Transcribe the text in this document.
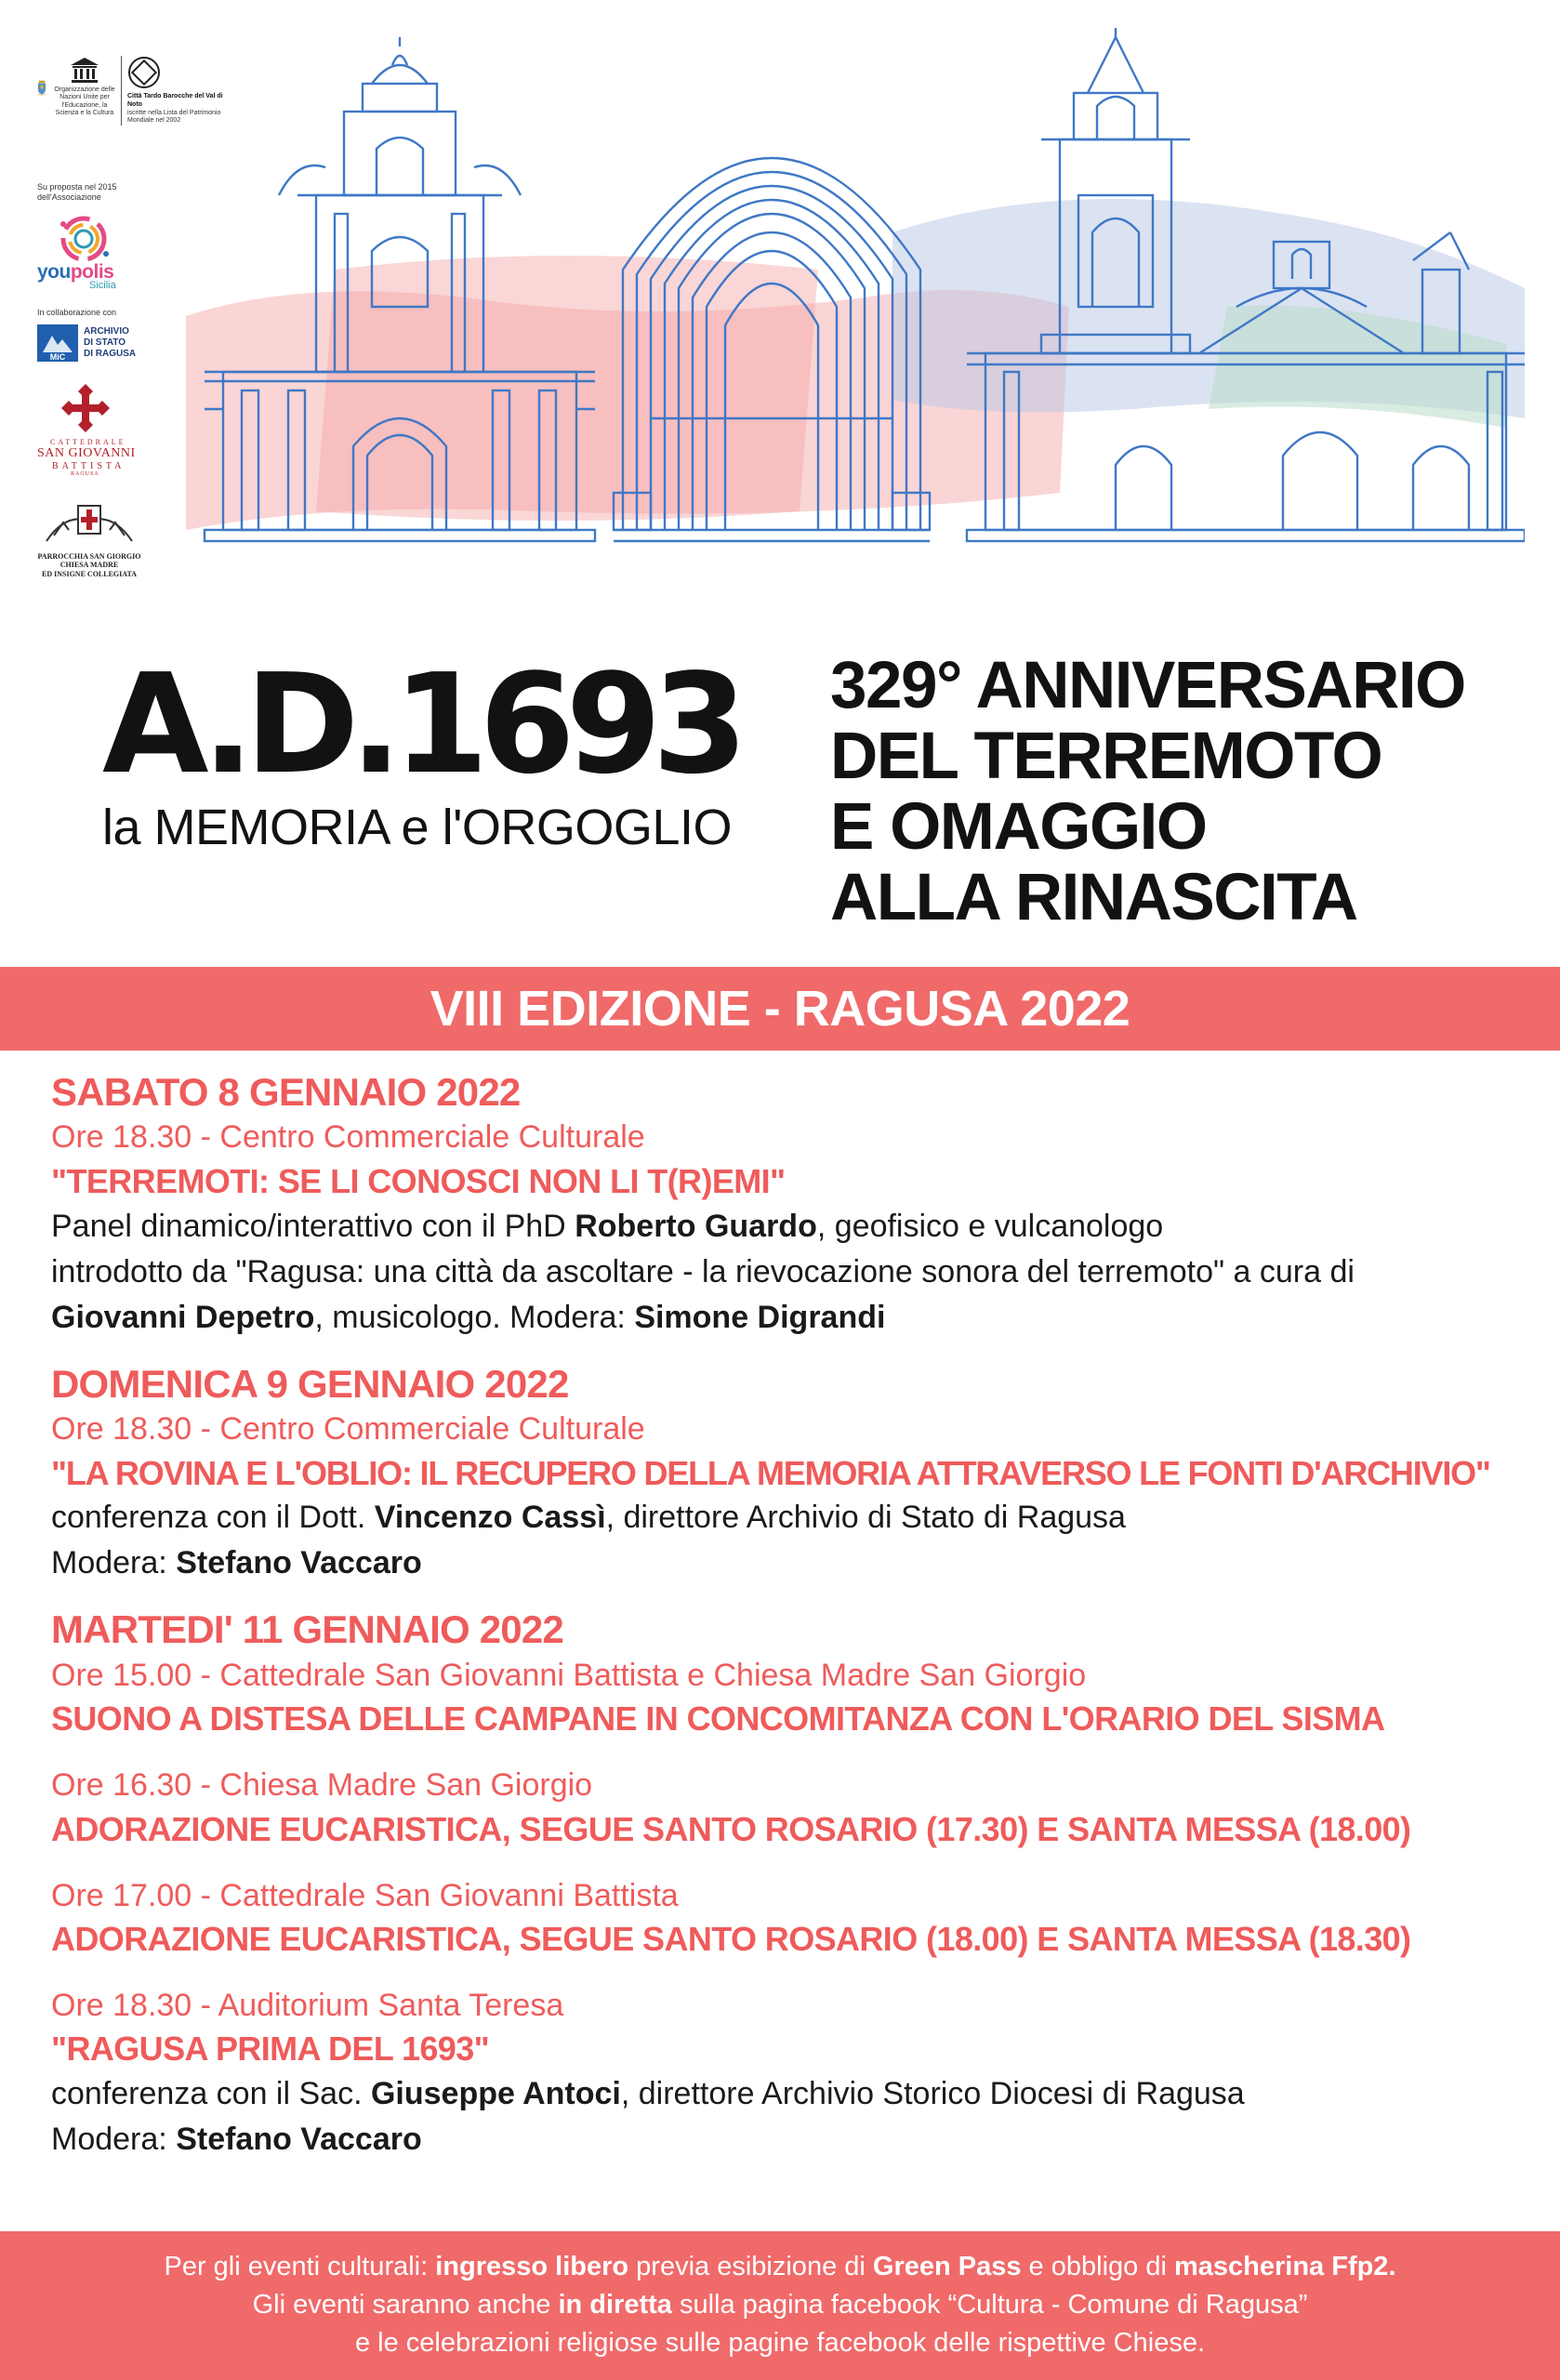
Organizzazione delle Nazioni Unite per l'Educazione, la Scienza e la Cultura
Città Tardo Barocche del Val di Noto
iscritte nella Lista del Patrimonio Mondiale nel 2002
Su proposta nel 2015 dell'Associazione
youpolis
Sicilia
In collaborazione con
MiC
ARCHIVIO
DI STATO
DI RAGUSA
CATTEDRALE
SAN GIOVANNI
BATTISTA
RAGUSA
PARROCCHIA SAN GIORGIO
CHIESA MADRE
ED INSIGNE COLLEGIATA
A.D.1693
la MEMORIA e l'ORGOGLIO
329° ANNIVERSARIO
DEL TERREMOTO
E OMAGGIO
ALLA RINASCITA
VIII EDIZIONE - RAGUSA 2022
SABATO 8 GENNAIO 2022
Ore 18.30 - Centro Commerciale Culturale
"TERREMOTI: SE LI CONOSCI NON LI T(R)EMI"
Panel dinamico/interattivo con il PhD Roberto Guardo, geofisico e vulcanologo
introdotto da "Ragusa: una città da ascoltare - la rievocazione sonora del terremoto" a cura di
Giovanni Depetro, musicologo. Modera: Simone Digrandi
DOMENICA 9 GENNAIO 2022
Ore 18.30 - Centro Commerciale Culturale
"LA ROVINA E L'OBLIO: IL RECUPERO DELLA MEMORIA ATTRAVERSO LE FONTI D'ARCHIVIO"
conferenza con il Dott. Vincenzo Cassì, direttore Archivio di Stato di Ragusa
Modera: Stefano Vaccaro
MARTEDI' 11 GENNAIO 2022
Ore 15.00 - Cattedrale San Giovanni Battista e Chiesa Madre San Giorgio
SUONO A DISTESA DELLE CAMPANE IN CONCOMITANZA CON L'ORARIO DEL SISMA
Ore 16.30 - Chiesa Madre San Giorgio
ADORAZIONE EUCARISTICA, SEGUE SANTO ROSARIO (17.30) E SANTA MESSA (18.00)
Ore 17.00 - Cattedrale San Giovanni Battista
ADORAZIONE EUCARISTICA, SEGUE SANTO ROSARIO (18.00) E SANTA MESSA (18.30)
Ore 18.30 - Auditorium Santa Teresa
"RAGUSA PRIMA DEL 1693"
conferenza con il Sac. Giuseppe Antoci, direttore Archivio Storico Diocesi di Ragusa
Modera: Stefano Vaccaro
Per gli eventi culturali: ingresso libero previa esibizione di Green Pass e obbligo di mascherina Ffp2.
Gli eventi saranno anche in diretta sulla pagina facebook “Cultura - Comune di Ragusa”
e le celebrazioni religiose sulle pagine facebook delle rispettive Chiese.
